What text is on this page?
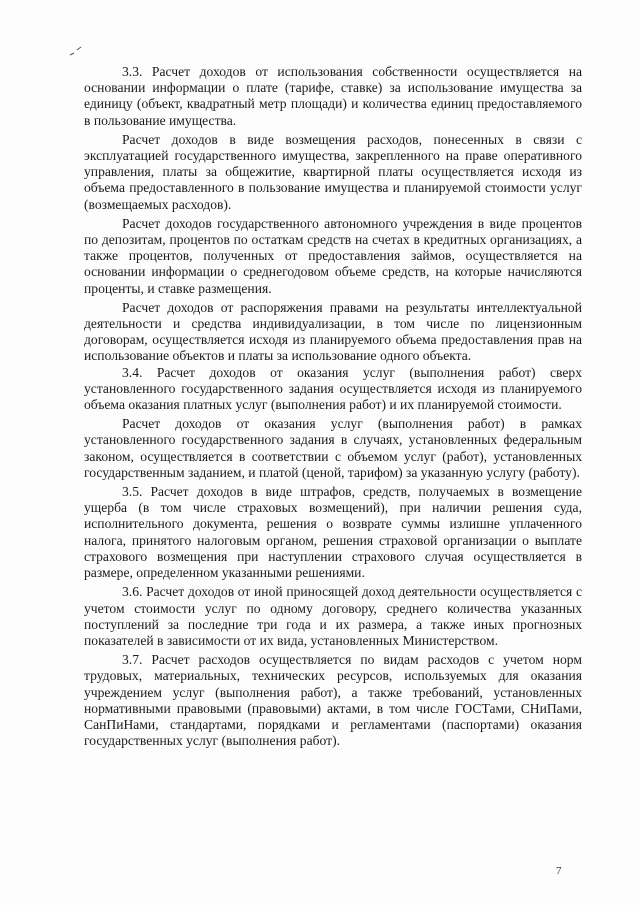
3.3. Расчет доходов от использования собственности осуществляется на основании информации о плате (тарифе, ставке) за использование имущества за единицу (объект, квадратный метр площади) и количества единиц предоставляемого в пользование имущества.

Расчет доходов в виде возмещения расходов, понесенных в связи с эксплуатацией государственного имущества, закрепленного на праве оперативного управления, платы за общежитие, квартирной платы осуществляется исходя из объема предоставленного в пользование имущества и планируемой стоимости услуг (возмещаемых расходов).

Расчет доходов государственного автономного учреждения в виде процентов по депозитам, процентов по остаткам средств на счетах в кредитных организациях, а также процентов, полученных от предоставления займов, осуществляется на основании информации о среднегодовом объеме средств, на которые начисляются проценты, и ставке размещения.

Расчет доходов от распоряжения правами на результаты интеллектуальной деятельности и средства индивидуализации, в том числе по лицензионным договорам, осуществляется исходя из планируемого объема предоставления прав на использование объектов и платы за использование одного объекта.

3.4. Расчет доходов от оказания услуг (выполнения работ) сверх установленного государственного задания осуществляется исходя из планируемого объема оказания платных услуг (выполнения работ) и их планируемой стоимости.

Расчет доходов от оказания услуг (выполнения работ) в рамках установленного государственного задания в случаях, установленных федеральным законом, осуществляется в соответствии с объемом услуг (работ), установленных государственным заданием, и платой (ценой, тарифом) за указанную услугу (работу).

3.5. Расчет доходов в виде штрафов, средств, получаемых в возмещение ущерба (в том числе страховых возмещений), при наличии решения суда, исполнительного документа, решения о возврате суммы излишне уплаченного налога, принятого налоговым органом, решения страховой организации о выплате страхового возмещения при наступлении страхового случая осуществляется в размере, определенном указанными решениями.

3.6. Расчет доходов от иной приносящей доход деятельности осуществляется с учетом стоимости услуг по одному договору, среднего количества указанных поступлений за последние три года и их размера, а также иных прогнозных показателей в зависимости от их вида, установленных Министерством.

3.7. Расчет расходов осуществляется по видам расходов с учетом норм трудовых, материальных, технических ресурсов, используемых для оказания учреждением услуг (выполнения работ), а также требований, установленных нормативными правовыми (правовыми) актами, в том числе ГОСТами, СНиПами, СанПиНами, стандартами, порядками и регламентами (паспортами) оказания государственных услуг (выполнения работ).

7
